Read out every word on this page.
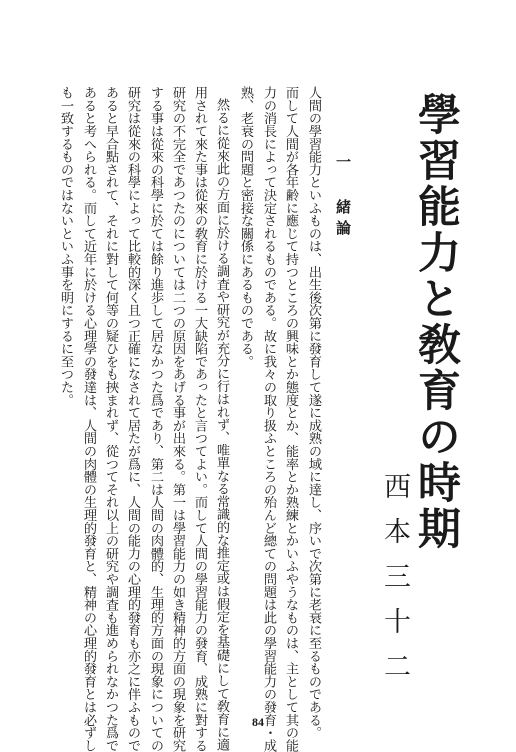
學習能力と敎育の時期
西本三十二
一 緒論
人間の學習能力といふものは、出生後次第に發育して遂に成熟の域に達し、序いで次第に老衰に至るものである。
而して人間が各年齢に應じて持つところの興味とか態度とか、能率とか熟練とかいふやうなものは、主として其の能
力の消長によって決定されるものである。故に我々の取り扱ふところの殆んど總ての問題は此の學習能力の發育・成
熟、老衰の問題と密接な關係にあるものである。
然るに從來此の方面に於ける調査や研究が充分に行はれず、唯單なる常識的な推定或は假定を基礎にして敎育に適
用されて來た事は從來の敎育に於ける一大缺陷であったと言つてよい。而して人間の學習能力の發育、成熟に對する
研究の不完全であつたのについては二つの原因をあげる事が出來る。第一は學習能力の如き精神的方面の現象を研究
する事は從來の科學に於ては餘り進歩して居なかつた爲であり、第二は人間の肉體的、生理的方面の現象についての
研究は從來の科學によって比較的深く且つ正確になされて居たが爲に、人間の能力の心理的發育も亦之に伴ふもので
あると早合點されて、それに對して何等の疑ひをも挾まれず、從つてそれ以上の研究や調査も進められなかつた爲で
あると考へられる。而して近年に於ける心理學の發達は、人間の肉體の生理的發育と、精神の心理的發育とは必ずし
も一致するものではないといふ事を明にするに至つた。
84
